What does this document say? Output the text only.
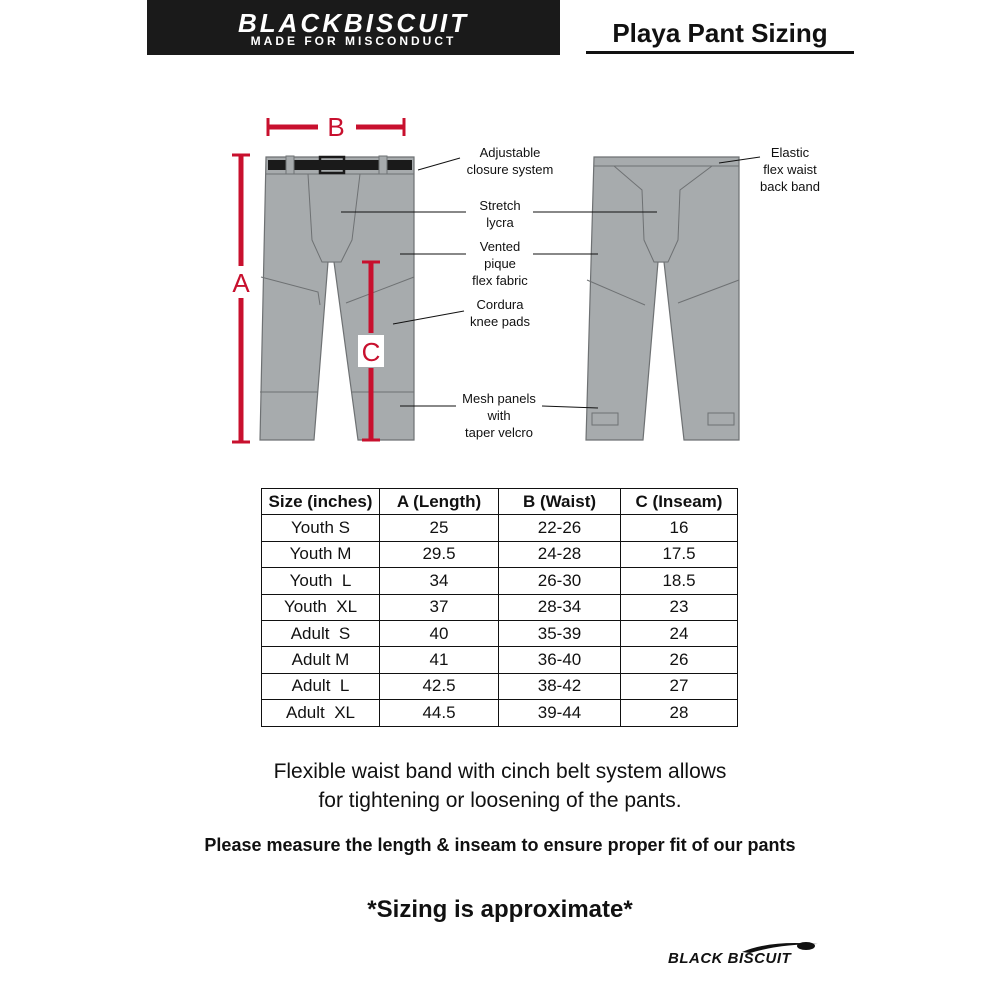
BLACKBISCUIT
MADE FOR MISCONDUCT	Playa Pant Sizing
B
A
C
Adjustable
closure system
Elastic
flex waist
back band
Stretch
lycra
Vented
pique
flex fabric
Cordura
knee pads
Mesh panels
with
taper velcro
Size (inches)	A (Length)	B (Waist)	C (Inseam)
Youth S	25	22-26	16
Youth M	29.5	24-28	17.5
Youth  L	34	26-30	18.5
Youth  XL	37	28-34	23
Adult  S	40	35-39	24
Adult M	41	36-40	26
Adult  L	42.5	38-42	27
Adult  XL	44.5	39-44	28
Flexible waist band with cinch belt system allows
for tightening or loosening of the pants.
Please measure the length & inseam to ensure proper fit of our pants
*Sizing is approximate*
BLACK BISCUIT
